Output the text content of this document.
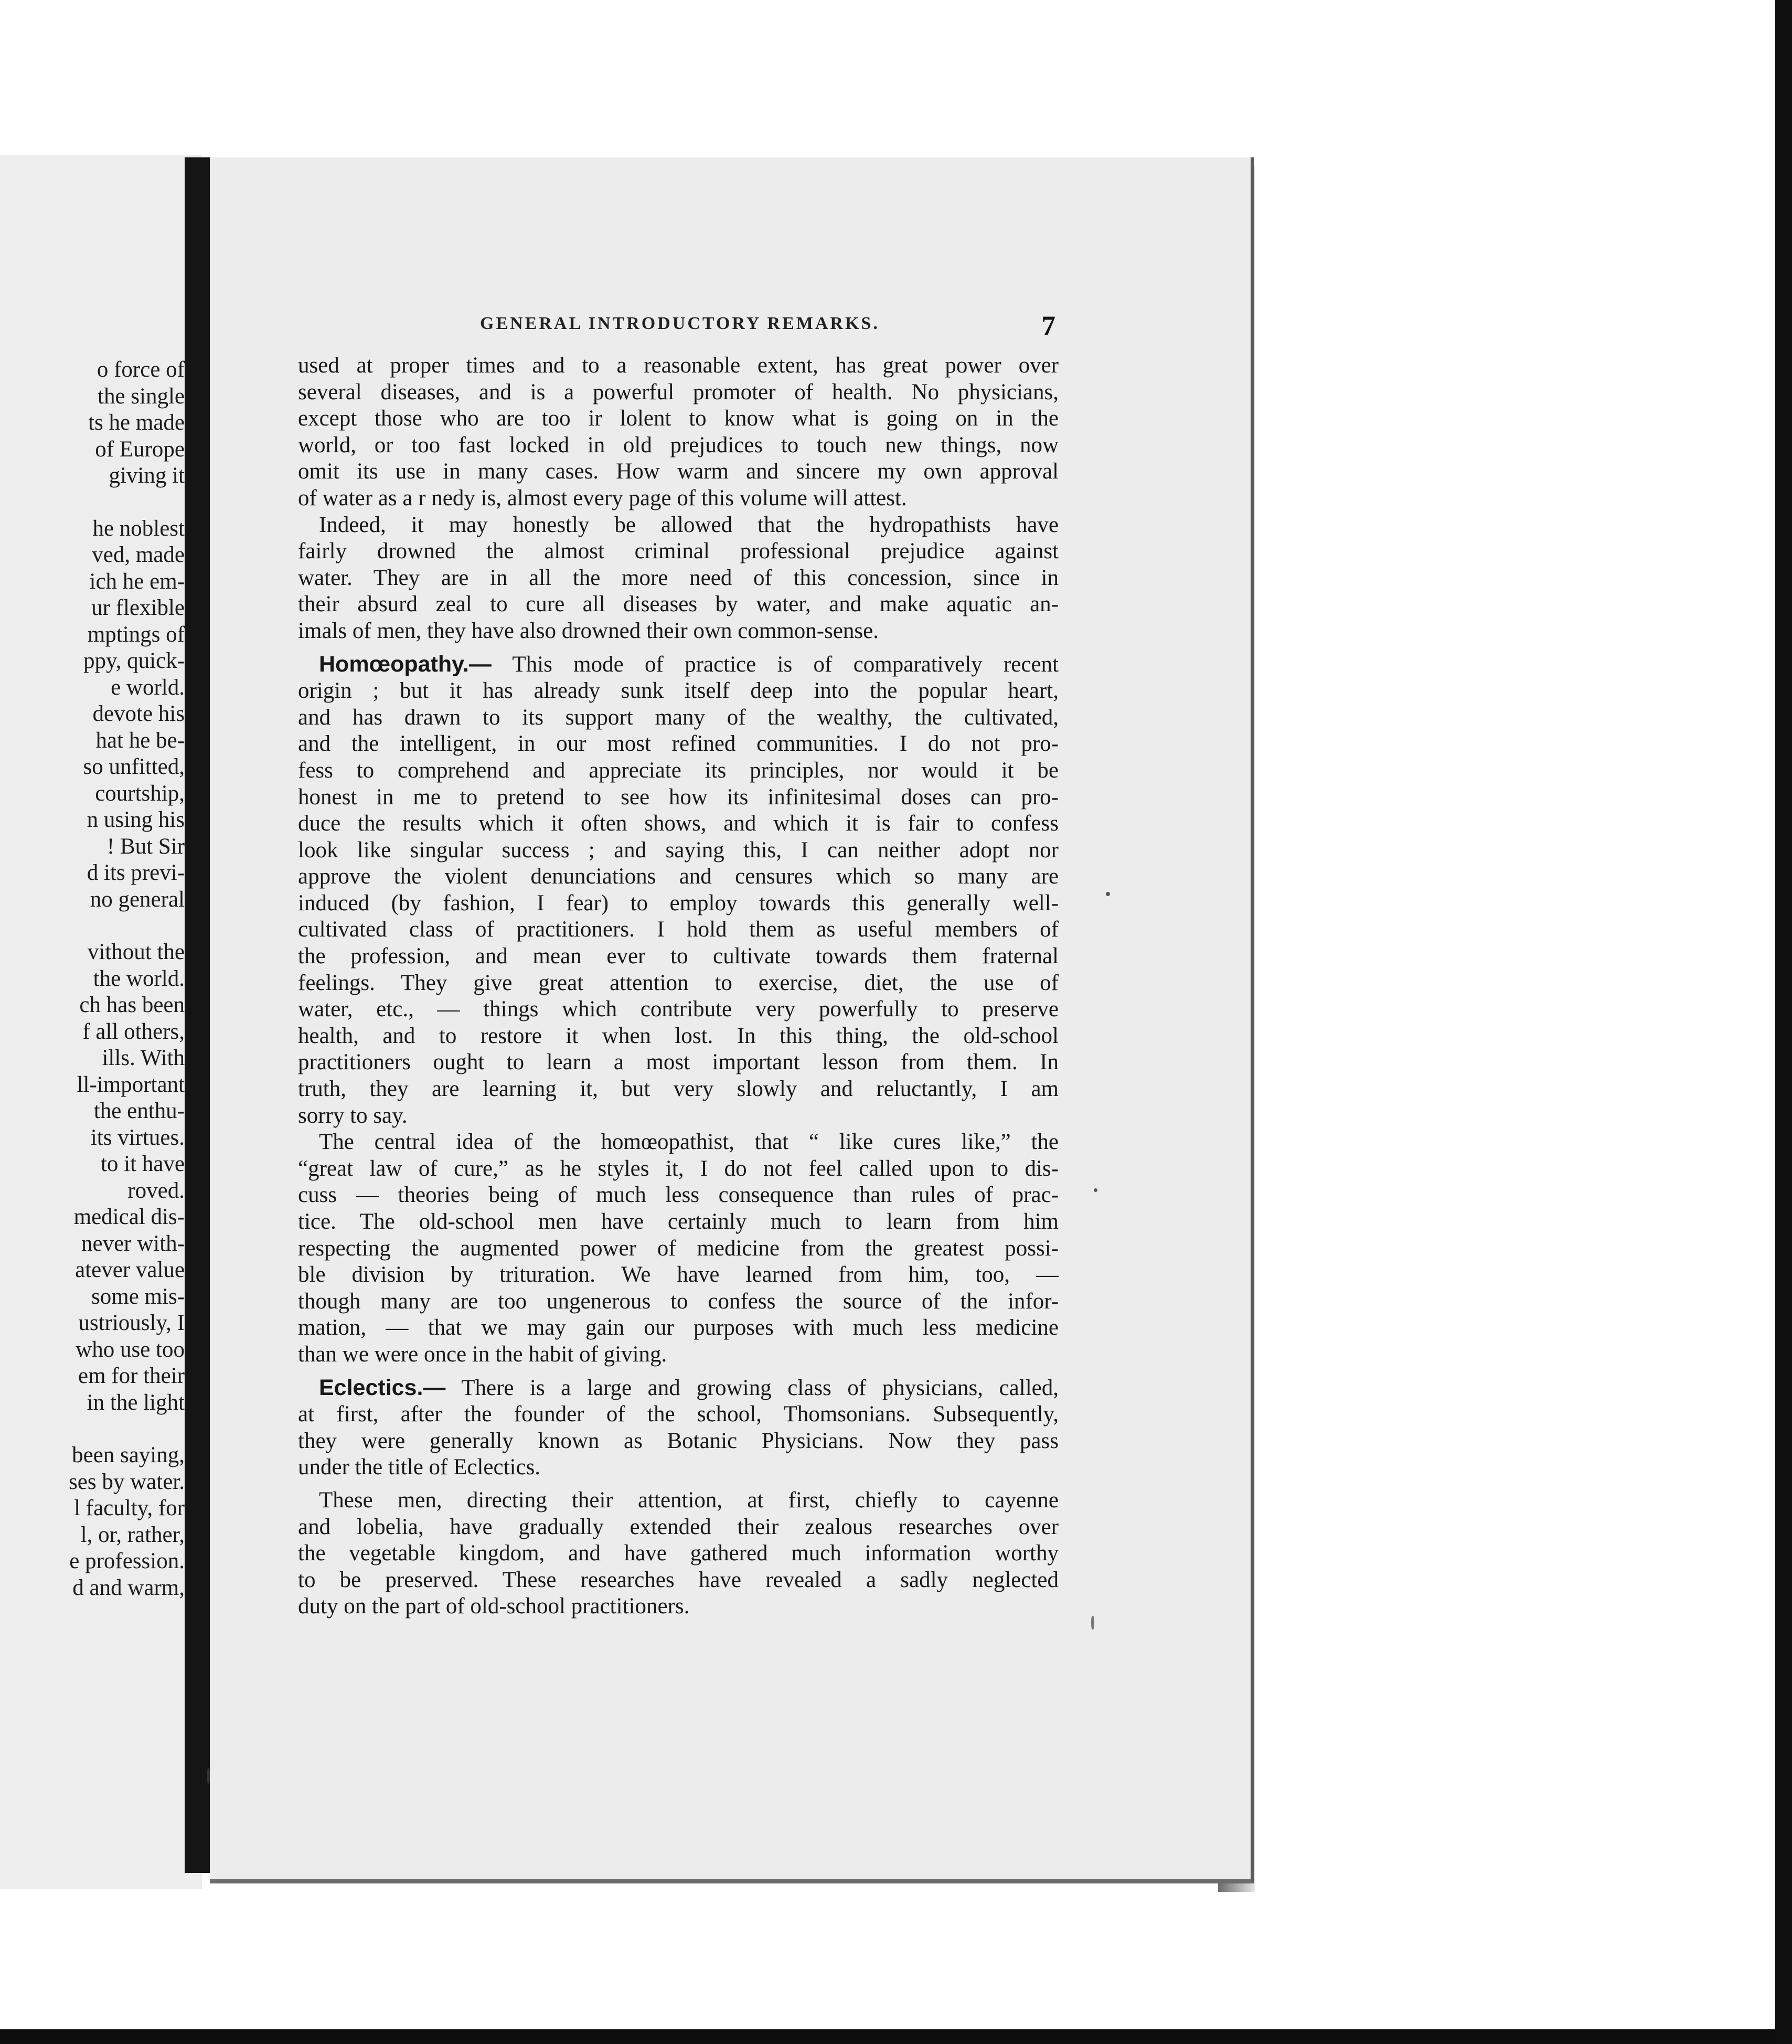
o force of
the single
ts he made
of Europe
giving it
he noblest
ved, made
ich he em-
ur flexible
mptings of
ppy, quick-
e world.
devote his
hat he be-
so unfitted,
courtship,
n using his
! But Sir
d its previ-
no general
vithout the
the world.
ch has been
f all others,
ills. With
ll-important
the enthu-
its virtues.
to it have
roved.
medical dis-
never with-
atever value
some mis-
ustriously, I
who use too
em for their
in the light
been saying,
ses by water.
l faculty, for
l, or, rather,
e profession.
d and warm,
GENERAL INTRODUCTORY REMARKS.	7
used at proper times and to a reasonable extent, has great power over
several diseases, and is a powerful promoter of health. No physicians,
except those who are too ir lolent to know what is going on in the
world, or too fast locked in old prejudices to touch new things, now
omit its use in many cases. How warm and sincere my own approval
of water as a r nedy is, almost every page of this volume will attest.
Indeed, it may honestly be allowed that the hydropathists have
fairly drowned the almost criminal professional prejudice against
water. They are in all the more need of this concession, since in
their absurd zeal to cure all diseases by water, and make aquatic an-
imals of men, they have also drowned their own common-sense.
Homœopathy.— This mode of practice is of comparatively recent
origin ; but it has already sunk itself deep into the popular heart,
and has drawn to its support many of the wealthy, the cultivated,
and the intelligent, in our most refined communities. I do not pro-
fess to comprehend and appreciate its principles, nor would it be
honest in me to pretend to see how its infinitesimal doses can pro-
duce the results which it often shows, and which it is fair to confess
look like singular success ; and saying this, I can neither adopt nor
approve the violent denunciations and censures which so many are
induced (by fashion, I fear) to employ towards this generally well-
cultivated class of practitioners. I hold them as useful members of
the profession, and mean ever to cultivate towards them fraternal
feelings. They give great attention to exercise, diet, the use of
water, etc., — things which contribute very powerfully to preserve
health, and to restore it when lost. In this thing, the old-school
practitioners ought to learn a most important lesson from them. In
truth, they are learning it, but very slowly and reluctantly, I am
sorry to say.
The central idea of the homœopathist, that “ like cures like,” the
“great law of cure,” as he styles it, I do not feel called upon to dis-
cuss — theories being of much less consequence than rules of prac-
tice. The old-school men have certainly much to learn from him
respecting the augmented power of medicine from the greatest possi-
ble division by trituration. We have learned from him, too, —
though many are too ungenerous to confess the source of the infor-
mation, — that we may gain our purposes with much less medicine
than we were once in the habit of giving.
Eclectics.— There is a large and growing class of physicians, called,
at first, after the founder of the school, Thomsonians. Subsequently,
they were generally known as Botanic Physicians. Now they pass
under the title of Eclectics.
These men, directing their attention, at first, chiefly to cayenne
and lobelia, have gradually extended their zealous researches over
the vegetable kingdom, and have gathered much information worthy
to be preserved. These researches have revealed a sadly neglected
duty on the part of old-school practitioners.
